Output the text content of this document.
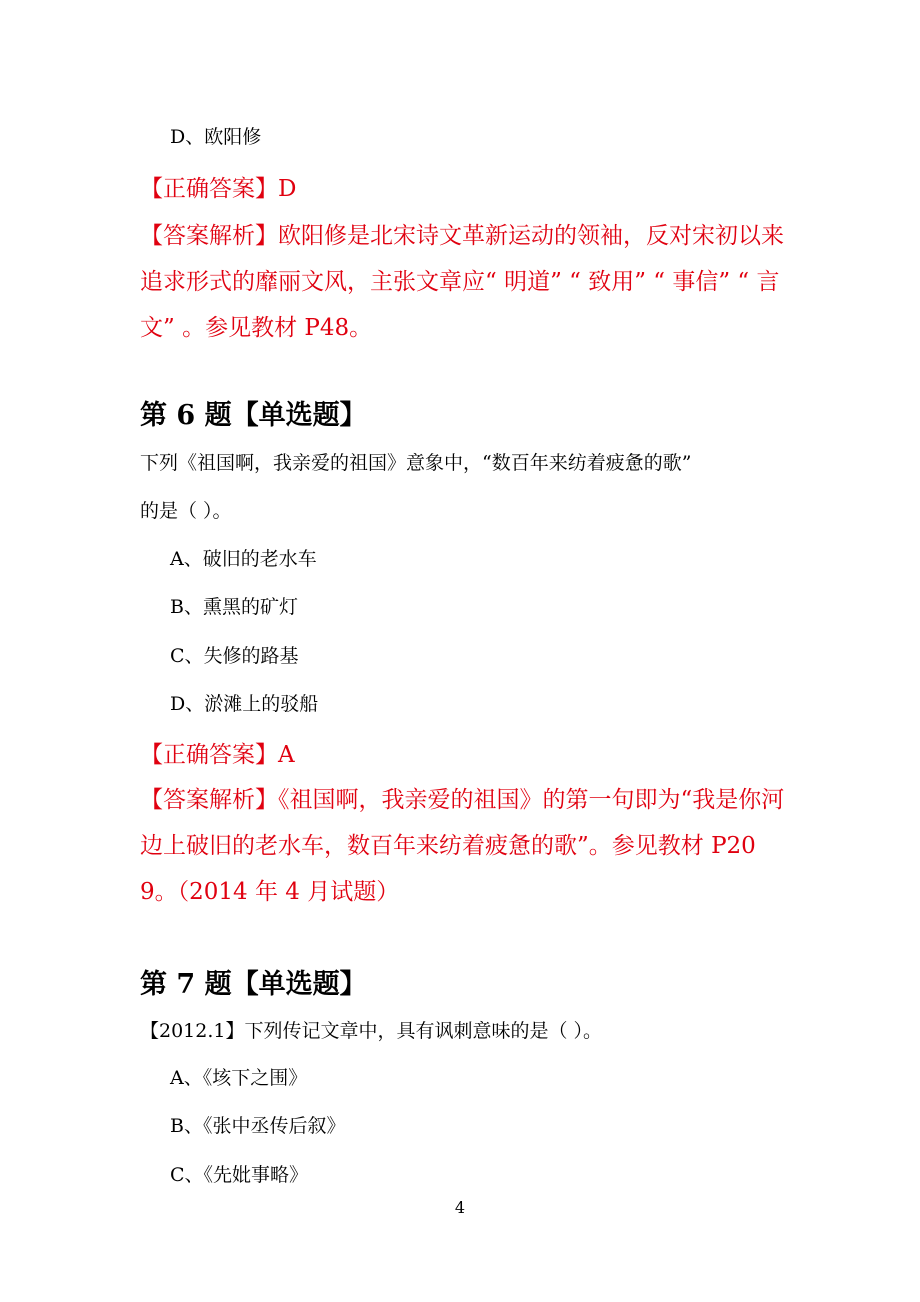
D、欧阳修
【正确答案】D
【答案解析】欧阳修是北宋诗文革新运动的领袖，反对宋初以来追求形式的靡丽文风，主张文章应“ 明道” “ 致用” “ 事信” “ 言文” 。参见教材 P48。
第 6 题【单选题】
下列《祖国啊，我亲爱的祖国》意象中，“数百年来纺着疲惫的歌”
的是（ ）。
A、破旧的老水车
B、熏黑的矿灯
C、失修的路基
D、淤滩上的驳船
【正确答案】A
【答案解析】《祖国啊，我亲爱的祖国》的第一句即为“我是你河边上破旧的老水车，数百年来纺着疲惫的歌”。参见教材 P209。（2014 年 4 月试题）
第 7 题【单选题】
【2012.1】下列传记文章中，具有讽刺意味的是（ ）。
A、《垓下之围》
B、《张中丞传后叙》
C、《先妣事略》
4
